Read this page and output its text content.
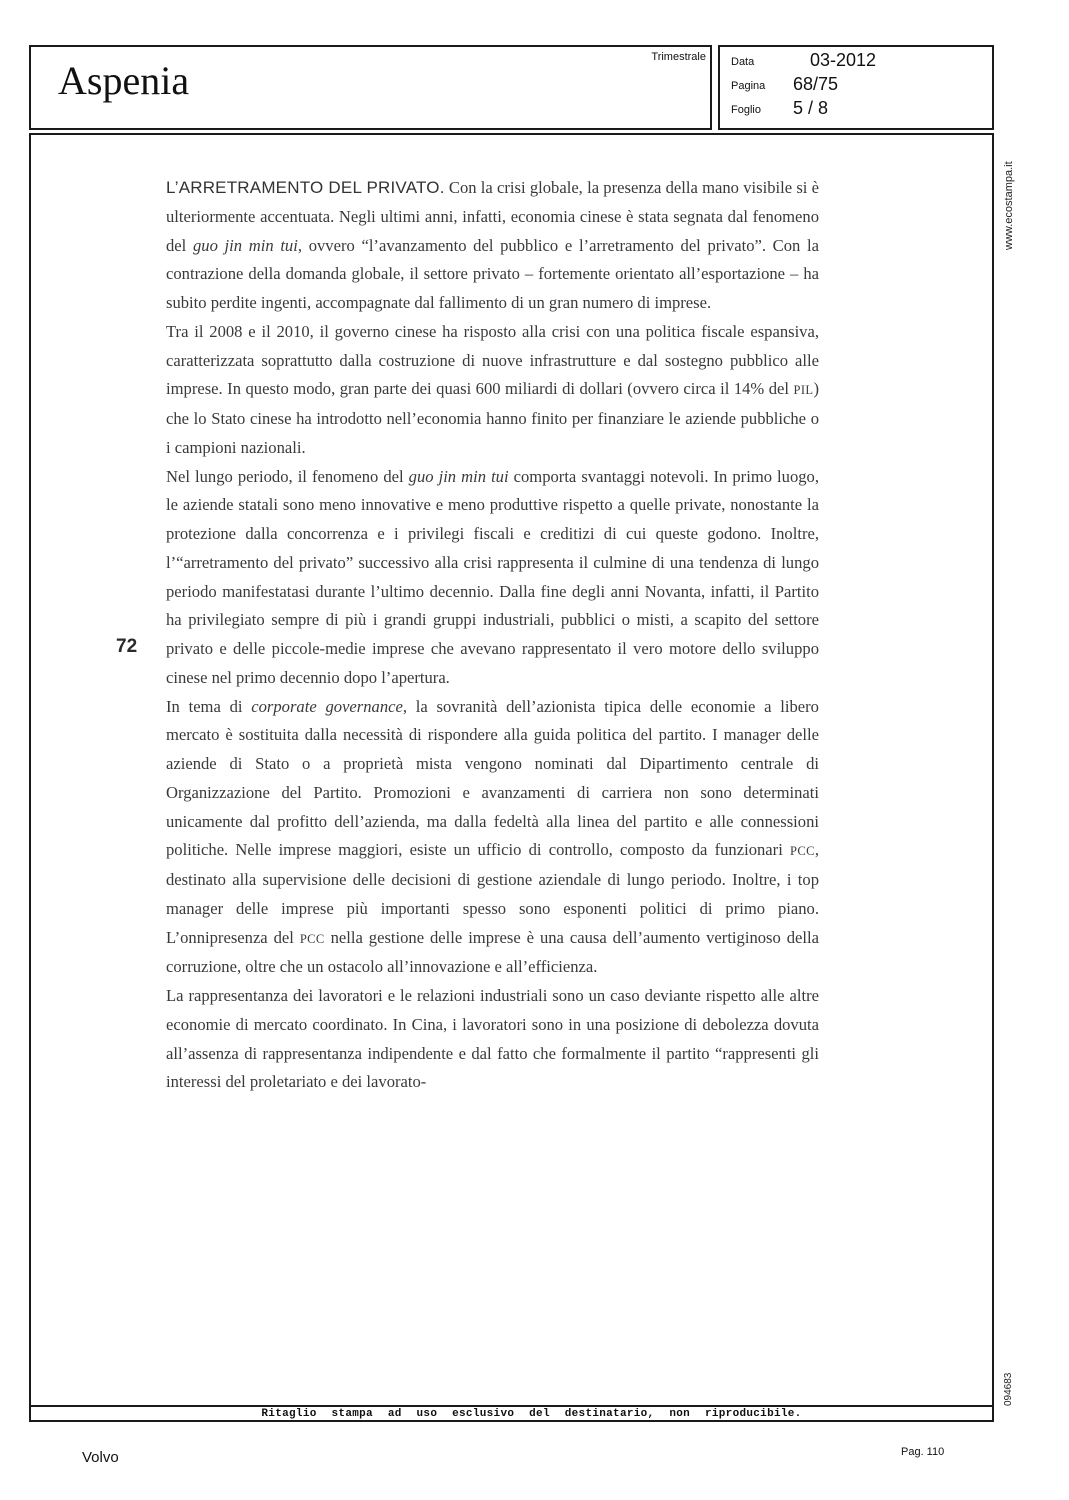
Aspenia
Trimestrale Data	03-2012
Pagina 68/75
Foglio 5 / 8
www.ecostampa.it
094683
Ritaglio stampa ad uso esclusivo del destinatario, non riproducibile.
72

L’ARRETRAMENTO DEL PRIVATO. Con la crisi globale, la presenza della mano visibile si è ulteriormente accentuata. Negli ultimi anni, infatti, economia cinese è stata segnata dal fenomeno del guo jin min tui, ovvero “l’avanzamento del pubblico e l’arretramento del privato”. Con la contrazione della domanda globale, il settore privato – fortemente orientato all’esportazione – ha subito perdite ingenti, accompagnate dal fallimento di un gran numero di imprese.

Tra il 2008 e il 2010, il governo cinese ha risposto alla crisi con una politica fiscale espansiva, caratterizzata soprattutto dalla costruzione di nuove infrastrutture e dal sostegno pubblico alle imprese. In questo modo, gran parte dei quasi 600 miliardi di dollari (ovvero circa il 14% del PIL) che lo Stato cinese ha introdotto nell’economia hanno finito per finanziare le aziende pubbliche o i campioni nazionali.

Nel lungo periodo, il fenomeno del guo jin min tui comporta svantaggi notevoli. In primo luogo, le aziende statali sono meno innovative e meno produttive rispetto a quelle private, nonostante la protezione dalla concorrenza e i privilegi fiscali e creditizi di cui queste godono. Inoltre, l’“arretramento del privato” successivo alla crisi rappresenta il culmine di una tendenza di lungo periodo manifestatasi durante l’ultimo decennio. Dalla fine degli anni Novanta, infatti, il Partito ha privilegiato sempre di più i grandi gruppi industriali, pubblici o misti, a scapito del settore privato e delle piccole-medie imprese che avevano rappresentato il vero motore dello sviluppo cinese nel primo decennio dopo l’apertura.

In tema di corporate governance, la sovranità dell’azionista tipica delle economie a libero mercato è sostituita dalla necessità di rispondere alla guida politica del partito. I manager delle aziende di Stato o a proprietà mista vengono nominati dal Dipartimento centrale di Organizzazione del Partito. Promozioni e avanzamenti di carriera non sono determinati unicamente dal profitto dell’azienda, ma dalla fedeltà alla linea del partito e alle connessioni politiche. Nelle imprese maggiori, esiste un ufficio di controllo, composto da funzionari PCC, destinato alla supervisione delle decisioni di gestione aziendale di lungo periodo. Inoltre, i top manager delle imprese più importanti spesso sono esponenti politici di primo piano. L’onnipresenza del PCC nella gestione delle imprese è una causa dell’aumento vertiginoso della corruzione, oltre che un ostacolo all’innovazione e all’efficienza.

La rappresentanza dei lavoratori e le relazioni industriali sono un caso deviante rispetto alle altre economie di mercato coordinato. In Cina, i lavoratori sono in una posizione di debolezza dovuta all’assenza di rappresentanza indipendente e dal fatto che formalmente il partito “rappresenti gli interessi del proletariato e dei lavorato-

Volvo	Pag. 110
